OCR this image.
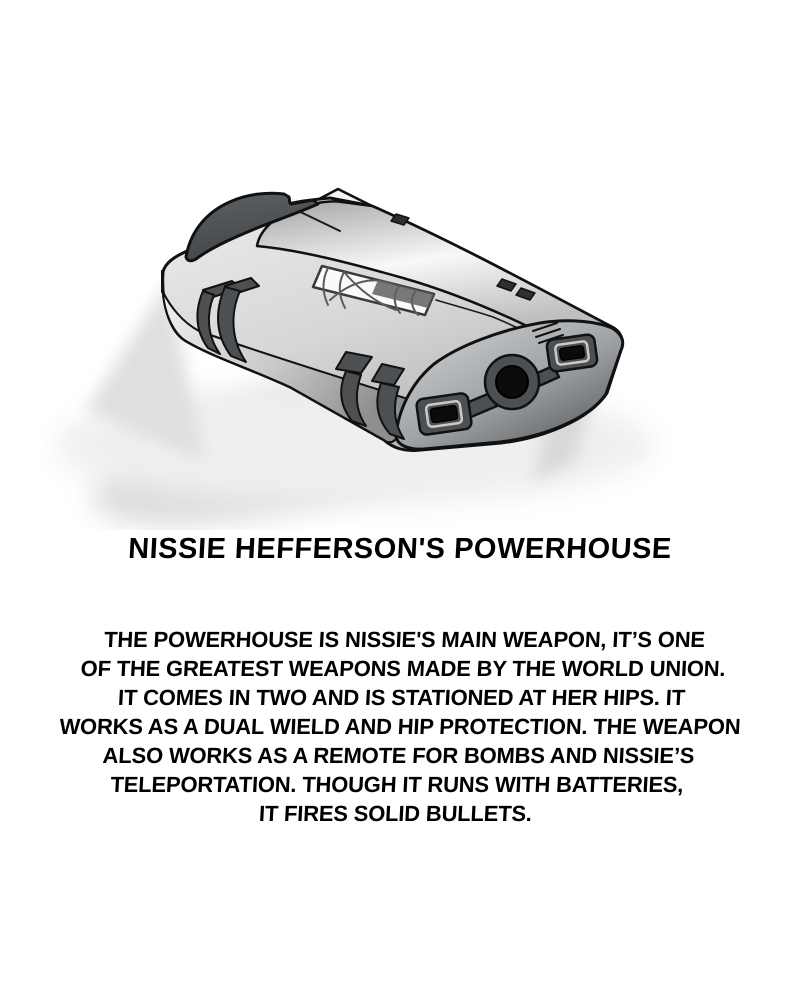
NISSIE HEFFERSON'S POWERHOUSE
THE POWERHOUSE IS NISSIE'S MAIN WEAPON, IT’S ONE
OF THE GREATEST WEAPONS MADE BY THE WORLD UNION.
IT COMES IN TWO AND IS STATIONED AT HER HIPS. IT
WORKS AS A DUAL WIELD AND HIP PROTECTION. THE WEAPON
ALSO WORKS AS A REMOTE FOR BOMBS AND NISSIE’S
TELEPORTATION. THOUGH IT RUNS WITH BATTERIES,
IT FIRES SOLID BULLETS.
